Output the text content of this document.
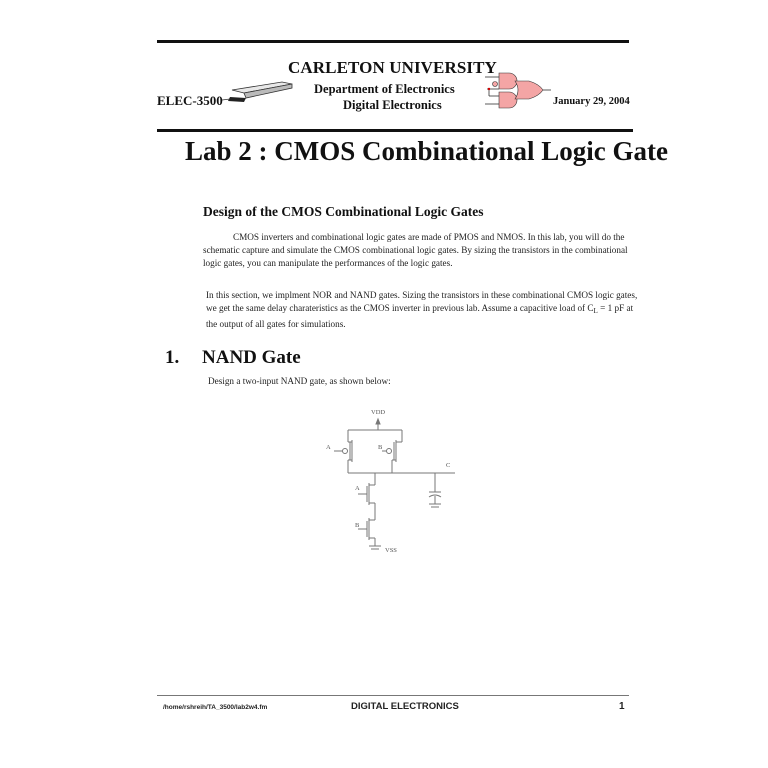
CARLETON UNIVERSITY
ELEC-3500
Department of Electronics
Digital Electronics	January 29, 2004
Lab 2 : CMOS Combinational Logic Gate
Design of the CMOS Combinational Logic Gates
CMOS inverters and combinational logic gates are made of PMOS and NMOS. In this lab, you will do the schematic capture and simulate the CMOS combinational logic gates. By sizing the transistors in the combinational logic gates, you can manipulate the performances of the logic gates.
In this section, we implment NOR and NAND gates. Sizing the transistors in these combinational CMOS logic gates, we get the same delay charateristics as the CMOS inverter in previous lab. Assume a capacitive load of $C_L = 1$ pF at the output of all gates for simulations.
1. NAND Gate
Design a two-input NAND gate, as shown below:
VDD
A	B
C
A
B
VSS
/home/rshreih/TA_3500/lab2w4.fm	DIGITAL ELECTRONICS	1
